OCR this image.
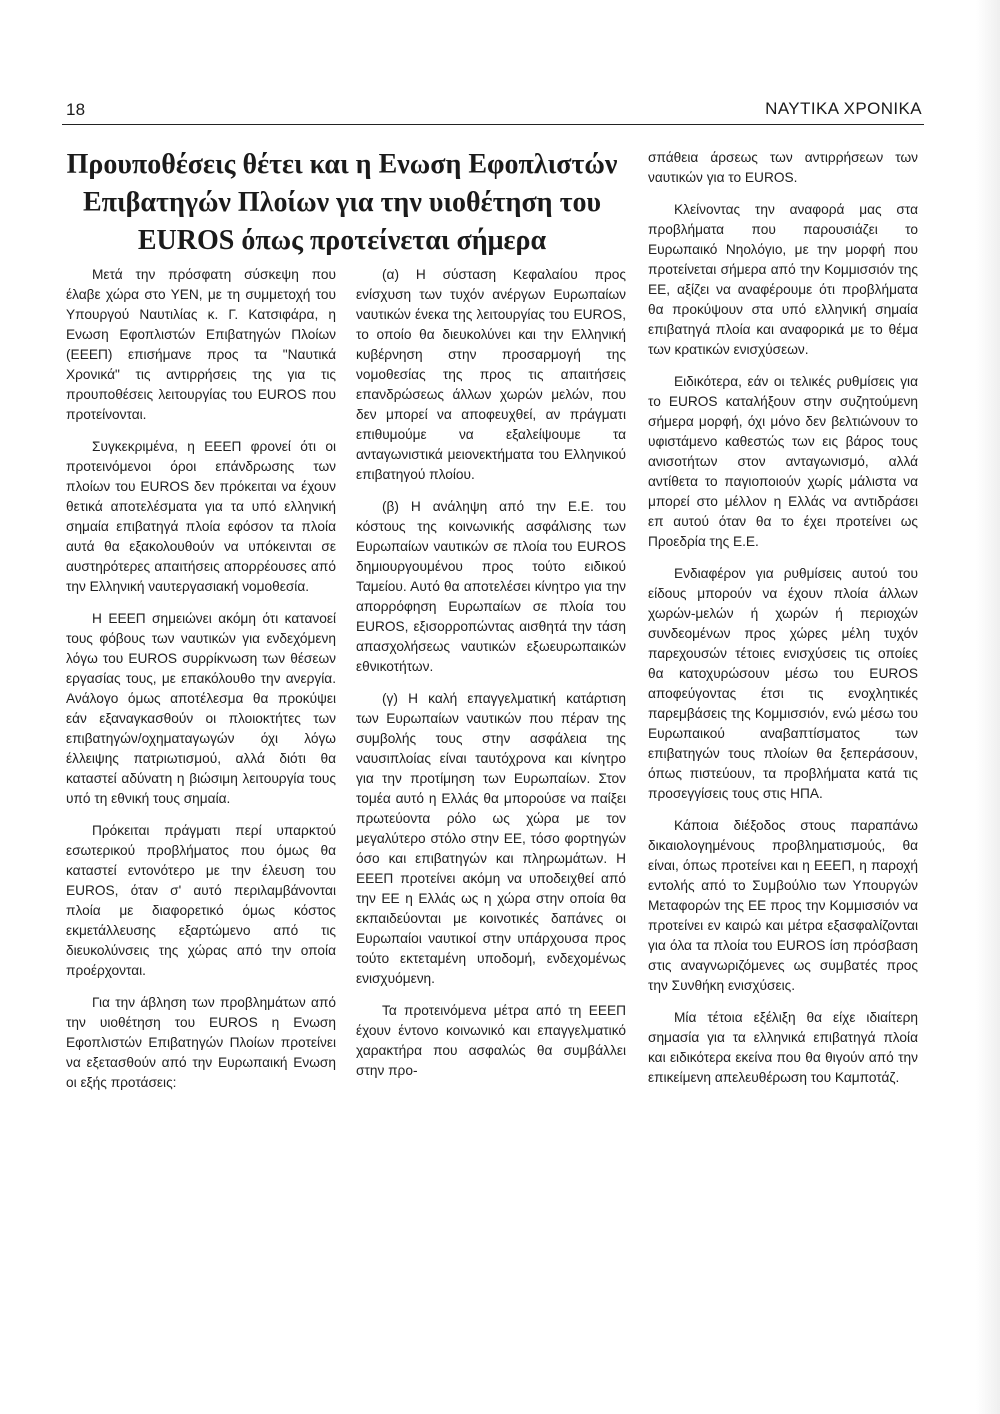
18	ΝΑΥΤΙΚΑ ΧΡΟΝΙΚΑ
Προυποθέσεις θέτει και η Ενωση Εφοπλιστών
Επιβατηγών Πλοίων για την υιοθέτηση του
EUROS όπως προτείνεται σήμερα

Μετά την πρόσφατη σύσκεψη που έλαβε χώρα στο ΥΕΝ, με τη συμμετοχή του Υπουργού Ναυτιλίας κ. Γ. Κατσιφάρα, η Ενωση Εφοπλιστών Επιβατηγών Πλοίων (ΕΕΕΠ) επισήμανε προς τα "Ναυτικά Χρονικά" τις αντιρρήσεις της για τις προυποθέσεις λειτουργίας του EUROS που προτείνονται.

Συγκεκριμένα, η ΕΕΕΠ φρονεί ότι οι προτεινόμενοι όροι επάνδρωσης των πλοίων του EUROS δεν πρόκειται να έχουν θετικά αποτελέσματα για τα υπό ελληνική σημαία επιβατηγά πλοία εφόσον τα πλοία αυτά θα εξακολουθούν να υπόκεινται σε αυστηρότερες απαιτήσεις απορρέουσες από την Ελληνική ναυτεργασιακή νομοθεσία.

Η ΕΕΕΠ σημειώνει ακόμη ότι κατανοεί τους φόβους των ναυτικών για ενδεχόμενη λόγω του EUROS συρρίκνωση των θέσεων εργασίας τους, με επακόλουθο την ανεργία. Ανάλογο όμως αποτέλεσμα θα προκύψει εάν εξαναγκασθούν οι πλοιοκτήτες των επιβατηγών/οχηματαγωγών όχι λόγω έλλειψης πατριωτισμού, αλλά διότι θα καταστεί αδύνατη η βιώσιμη λειτουργία τους υπό τη εθνική τους σημαία.

Πρόκειται πράγματι περί υπαρκτού εσωτερικού προβλήματος που όμως θα καταστεί εντονότερο με την έλευση του EUROS, όταν σ' αυτό περιλαμβάνονται πλοία με διαφορετικό όμως κόστος εκμετάλλευσης εξαρτώμενο από τις διευκολύνσεις της χώρας από την οποία προέρχονται.

Για την άβληση των προβλημάτων από την υιοθέτηση του EUROS η Ενωση Εφοπλιστών Επιβατηγών Πλοίων προτείνει να εξετασθούν από την Ευρωπαική Ενωση οι εξής προτάσεις:

(α) Η σύσταση Κεφαλαίου προς ενίσχυση των τυχόν ανέργων Ευρωπαίων ναυτικών ένεκα της λειτουργίας του EUROS, το οποίο θα διευκολύνει και την Ελληνική κυβέρνηση στην προσαρμογή της νομοθεσίας της προς τις απαιτήσεις επανδρώσεως άλλων χωρών μελών, που δεν μπορεί να αποφευχθεί, αν πράγματι επιθυμούμε να εξαλείψουμε τα ανταγωνιστικά μειονεκτήματα του Ελληνικού επιβατηγού πλοίου.

(β) Η ανάληψη από την Ε.Ε. του κόστους της κοινωνικής ασφάλισης των Ευρωπαίων ναυτικών σε πλοία του EUROS δημιουργουμένου προς τούτο ειδικού Ταμείου. Αυτό θα αποτελέσει κίνητρο για την απορρόφηση Ευρωπαίων σε πλοία του EUROS, εξισορροπώντας αισθητά την τάση απασχολήσεως ναυτικών εξωευρωπαικών εθνικοτήτων.

(γ) Η καλή επαγγελματική κατάρτιση των Ευρωπαίων ναυτικών που πέραν της συμβολής τους στην ασφάλεια της ναυσιπλοίας είναι ταυτόχρονα και κίνητρο για την προτίμηση των Ευρωπαίων. Στον τομέα αυτό η Ελλάς θα μπορούσε να παίξει πρωτεύοντα ρόλο ως χώρα με τον μεγαλύτερο στόλο στην ΕΕ, τόσο φορτηγών όσο και επιβατηγών και πληρωμάτων. Η ΕΕΕΠ προτείνει ακόμη να υποδειχθεί από την ΕΕ η Ελλάς ως η χώρα στην οποία θα εκπαιδεύονται με κοινοτικές δαπάνες οι Ευρωπαίοι ναυτικοί στην υπάρχουσα προς τούτο εκτεταμένη υποδομή, ενδεχομένως ενισχυόμενη.

Τα προτεινόμενα μέτρα από τη ΕΕΕΠ έχουν έντονο κοινωνικό και επαγγελματικό χαρακτήρα που ασφαλώς θα συμβάλλει στην προ-

σπάθεια άρσεως των αντιρρήσεων των ναυτικών για το EUROS.

Κλείνοντας την αναφορά μας στα προβλήματα που παρουσιάζει το Ευρωπαικό Νηολόγιο, με την μορφή που προτείνεται σήμερα από την Κομμισσιόν της ΕΕ, αξίζει να αναφέρουμε ότι προβλήματα θα προκύψουν στα υπό ελληνική σημαία επιβατηγά πλοία και αναφορικά με το θέμα των κρατικών ενισχύσεων.

Ειδικότερα, εάν οι τελικές ρυθμίσεις για το EUROS καταλήξουν στην συζητούμενη σήμερα μορφή, όχι μόνο δεν βελτιώνουν το υφιστάμενο καθεστώς των εις βάρος τους ανισοτήτων στον ανταγωνισμό, αλλά αντίθετα το παγιοποιούν χωρίς μάλιστα να μπορεί στο μέλλον η Ελλάς να αντιδράσει επ αυτού όταν θα το έχει προτείνει ως Προεδρία της Ε.Ε.

Ενδιαφέρον για ρυθμίσεις αυτού του είδους μπορούν να έχουν πλοία άλλων χωρών-μελών ή χωρών ή περιοχών συνδεομένων προς χώρες μέλη τυχόν παρεχουσών τέτοιες ενισχύσεις τις οποίες θα κατοχυρώσουν μέσω του EUROS αποφεύγοντας έτσι τις ενοχλητικές παρεμβάσεις της Κομμισσιόν, ενώ μέσω του Ευρωπαικού αναβαπτίσματος των επιβατηγών τους πλοίων θα ξεπεράσουν, όπως πιστεύουν, τα προβλήματα κατά τις προσεγγίσεις τους στις ΗΠΑ.

Κάποια διέξοδος στους παραπάνω δικαιολογημένους προβληματισμούς, θα είναι, όπως προτείνει και η ΕΕΕΠ, η παροχή εντολής από το Συμβούλιο των Υπουργών Μεταφορών της ΕΕ προς την Κομμισσιόν να προτείνει εν καιρώ και μέτρα εξασφαλίζονται για όλα τα πλοία του EUROS ίση πρόσβαση στις αναγνωριζόμενες ως συμβατές προς την Συνθήκη ενισχύσεις.

Μία τέτοια εξέλιξη θα είχε ιδιαίτερη σημασία για τα ελληνικά επιβατηγά πλοία και ειδικότερα εκείνα που θα θιγούν από την επικείμενη απελευθέρωση του Καμποτάζ.
